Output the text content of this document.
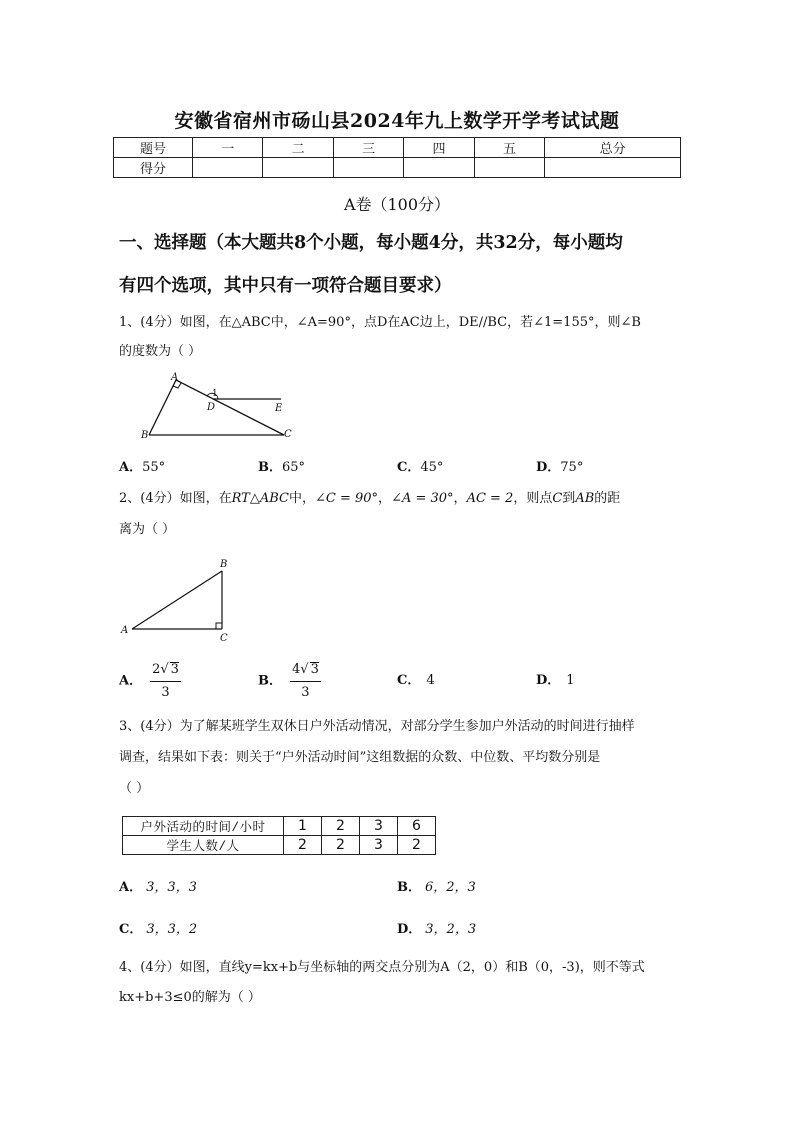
安徽省宿州市砀山县2024年九上数学开学考试试题
题号	一	二	三	四	五	总分
得分						
A卷（100分）
一、选择题（本大题共8个小题，每小题4分，共32分，每小题均
有四个选项，其中只有一项符合题目要求）
1、(4分）如图，在△ABC中，∠A=90°，点D在AC边上，DE//BC，若∠1=155°，则∠B
的度数为（ ）
A
B	C
D	E
1
A．55°	B．65°	C．45°	D．75°
2、(4分）如图，在RT△ABC中，∠C = 90°，∠A = 30°，AC = 2，则点C到AB的距
离为（ ）
A
B
C
A． $\frac{2√ 3}{3}$	B． $\frac{4√ 3}{3}$	C． 4	D． 1
3、(4分）为了解某班学生双休日户外活动情况，对部分学生参加户外活动的时间进行抽样
调查，结果如下表：则关于“户外活动时间”这组数据的众数、中位数、平均数分别是
（ ）
户外活动的时间/小时	1	2	3	6
学生人数/人	2	2	3	2
A． 3，3，3	B． 6，2，3
C． 3，3，2	D． 3，2，3
4、(4分）如图，直线y=kx+b与坐标轴的两交点分别为A（2，0）和B（0，-3)，则不等式
kx+b+3≤0的解为（ ）
